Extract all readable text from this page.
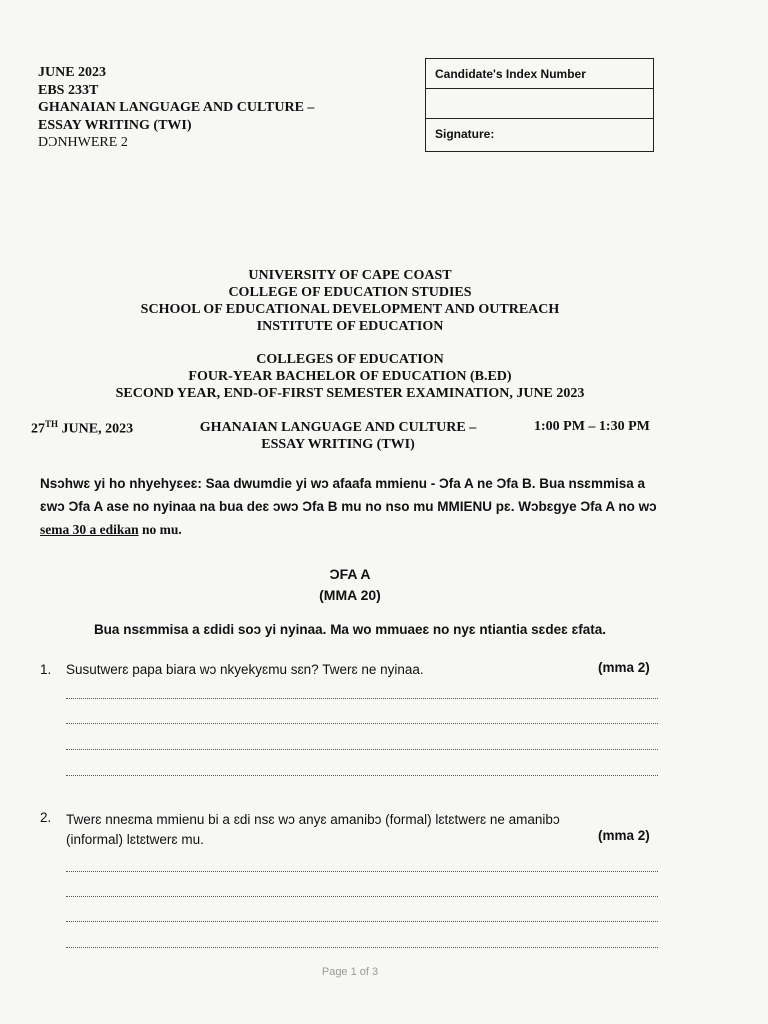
JUNE 2023
EBS 233T
GHANAIAN LANGUAGE AND CULTURE –
ESSAY WRITING (TWI)
DƆNHWERE 2
Candidate's Index Number
Signature:
UNIVERSITY OF CAPE COAST
COLLEGE OF EDUCATION STUDIES
SCHOOL OF EDUCATIONAL DEVELOPMENT AND OUTREACH
INSTITUTE OF EDUCATION
COLLEGES OF EDUCATION
FOUR-YEAR BACHELOR OF EDUCATION (B.ED)
SECOND YEAR, END-OF-FIRST SEMESTER EXAMINATION, JUNE 2023
27TH JUNE, 2023	GHANAIAN LANGUAGE AND CULTURE –
ESSAY WRITING (TWI)
1:00 PM – 1:30 PM
Nsɔhwɛ yi ho nhyehyɛeɛ: Saa dwumdie yi wɔ afaafa mmienu - Ɔfa A ne Ɔfa B. Bua nsɛmmisa a ɛwɔ Ɔfa A ase no nyinaa na bua deɛ ɔwɔ Ɔfa B mu no nso mu MMIENU pɛ. Wɔbɛgye Ɔfa A no wɔ sema 30 a edikan no mu.
ƆFA A
(MMA 20)
Bua nsɛmmisa a ɛdidi soɔ yi nyinaa. Ma wo mmuaeɛ no nyɛ ntiantia sɛdeɛ ɛfata.
1. Susutwerɛ papa biara wɔ nkyekyɛmu sɛn? Twerɛ ne nyinaa.	(mma 2)
2. Twerɛ nneɛma mmienu bi a ɛdi nsɛ wɔ anyɛ amanibɔ (formal) lɛtɛtwerɛ ne amanibɔ
(informal) lɛtɛtwerɛ mu.	(mma 2)
Page 1 of 3
